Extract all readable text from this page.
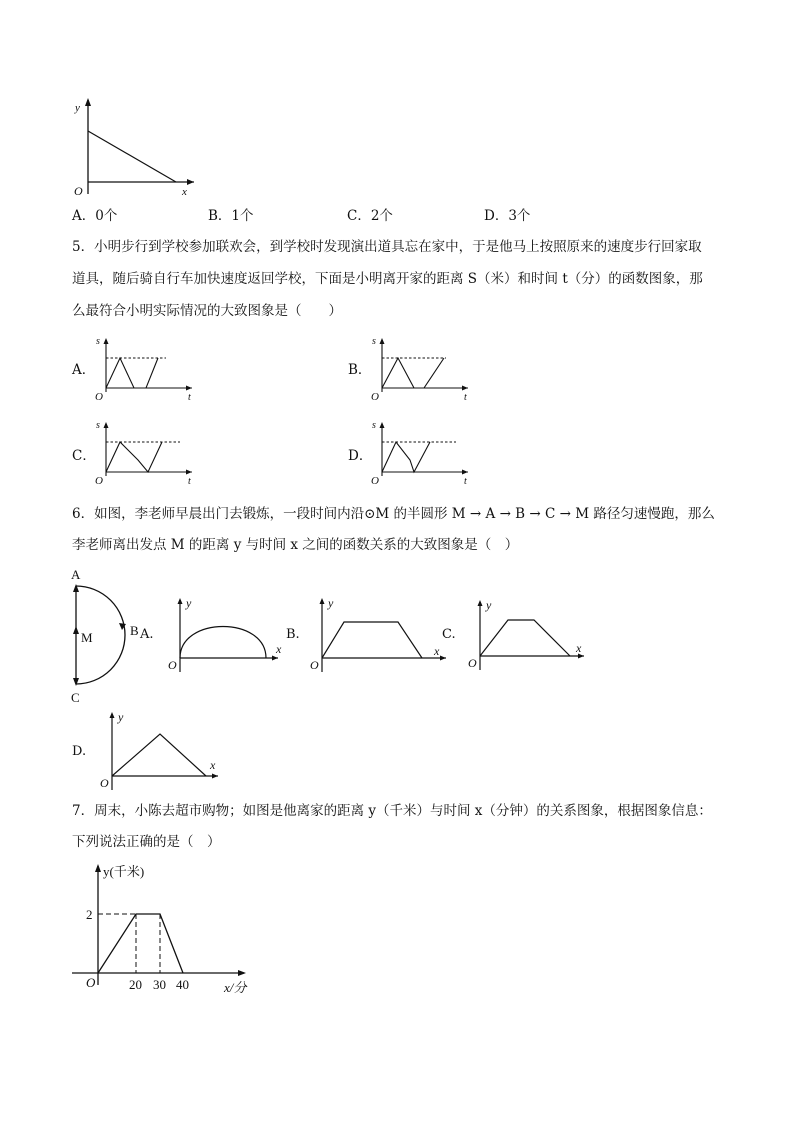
y
x
O
A．0个	B．1个	C．2个	D．3个
5．小明步行到学校参加联欢会，到学校时发现演出道具忘在家中，于是他马上按照原来的速度步行回家取
道具，随后骑自行车加快速度返回学校，下面是小明离开家的距离 S（米）和时间 t（分）的函数图象，那
么最符合小明实际情况的大致图象是（　　）
A．
s
t
O
B．
s
t
O
C．
s
t
O
D．
s
t
O
6．如图，李老师早晨出门去锻炼，一段时间内沿⊙M 的半圆形 M → A → B → C → M 路径匀速慢跑，那么
李老师离出发点 M 的距离 y 与时间 x 之间的函数关系的大致图象是（　）
A
M	B
C
A.
y
x
O
B.
y
x
O
C.
y
x
O
D.
y
x
O
7．周末，小陈去超市购物；如图是他离家的距离 y（千米）与时间 x（分钟）的关系图象，根据图象信息：
下列说法正确的是（　）
y(千米)
2
O	20 30 40	x/分
